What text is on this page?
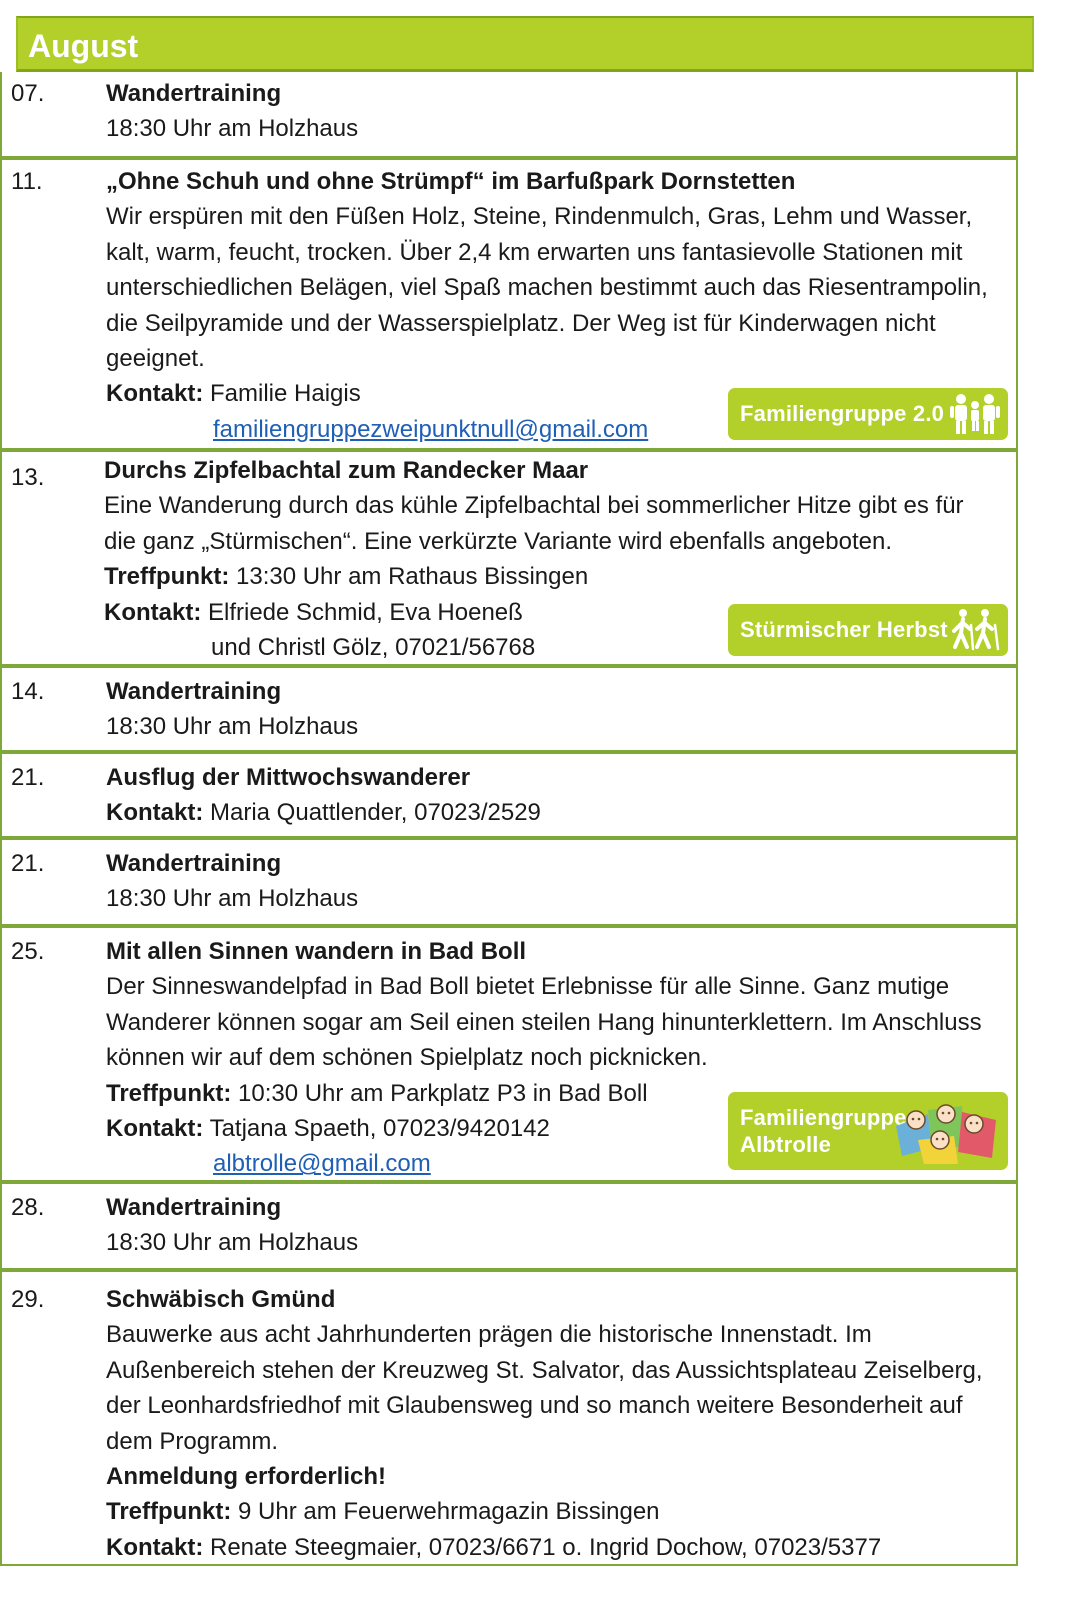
August
07.	Wandertraining
18:30 Uhr am Holzhaus
11.	„Ohne Schuh und ohne Strümpf“ im Barfußpark Dornstetten
Wir erspüren mit den Füßen Holz, Steine, Rindenmulch, Gras, Lehm und Wasser, kalt, warm, feucht, trocken. Über 2,4 km erwarten uns fantasievolle Stationen mit unterschiedlichen Belägen, viel Spaß machen bestimmt auch das Riesentrampolin, die Seilpyramide und der Wasserspielplatz. Der Weg ist für Kinderwagen nicht geeignet.
Kontakt: Familie Haigis
familiengruppezweipunktnull@gmail.com
Familiengruppe 2.0
13. Durchs Zipfelbachtal zum Randecker Maar
Eine Wanderung durch das kühle Zipfelbachtal bei sommerlicher Hitze gibt es für die ganz „Stürmischen“. Eine verkürzte Variante wird ebenfalls angeboten.
Treffpunkt: 13:30 Uhr am Rathaus Bissingen
Kontakt: Elfriede Schmid, Eva Hoeneß
und Christl Gölz, 07021/56768
Stürmischer Herbst
14.	Wandertraining
18:30 Uhr am Holzhaus
21.	Ausflug der Mittwochswanderer
Kontakt: Maria Quattlender, 07023/2529
21.	Wandertraining
18:30 Uhr am Holzhaus
25.	Mit allen Sinnen wandern in Bad Boll
Der Sinneswandelpfad in Bad Boll bietet Erlebnisse für alle Sinne. Ganz mutige Wanderer können sogar am Seil einen steilen Hang hinunterklettern. Im Anschluss können wir auf dem schönen Spielplatz noch picknicken.
Treffpunkt: 10:30 Uhr am Parkplatz P3 in Bad Boll
Kontakt: Tatjana Spaeth, 07023/9420142
albtrolle@gmail.com
Familiengruppe
Albtrolle
28.	Wandertraining
18:30 Uhr am Holzhaus
29.	Schwäbisch Gmünd
Bauwerke aus acht Jahrhunderten prägen die historische Innenstadt. Im Außenbereich stehen der Kreuzweg St. Salvator, das Aussichtsplateau Zeiselberg, der Leonhardsfriedhof mit Glaubensweg und so manch weitere Besonderheit auf dem Programm.
Anmeldung erforderlich!
Treffpunkt: 9 Uhr am Feuerwehrmagazin Bissingen
Kontakt: Renate Steegmaier, 07023/6671 o. Ingrid Dochow, 07023/5377
